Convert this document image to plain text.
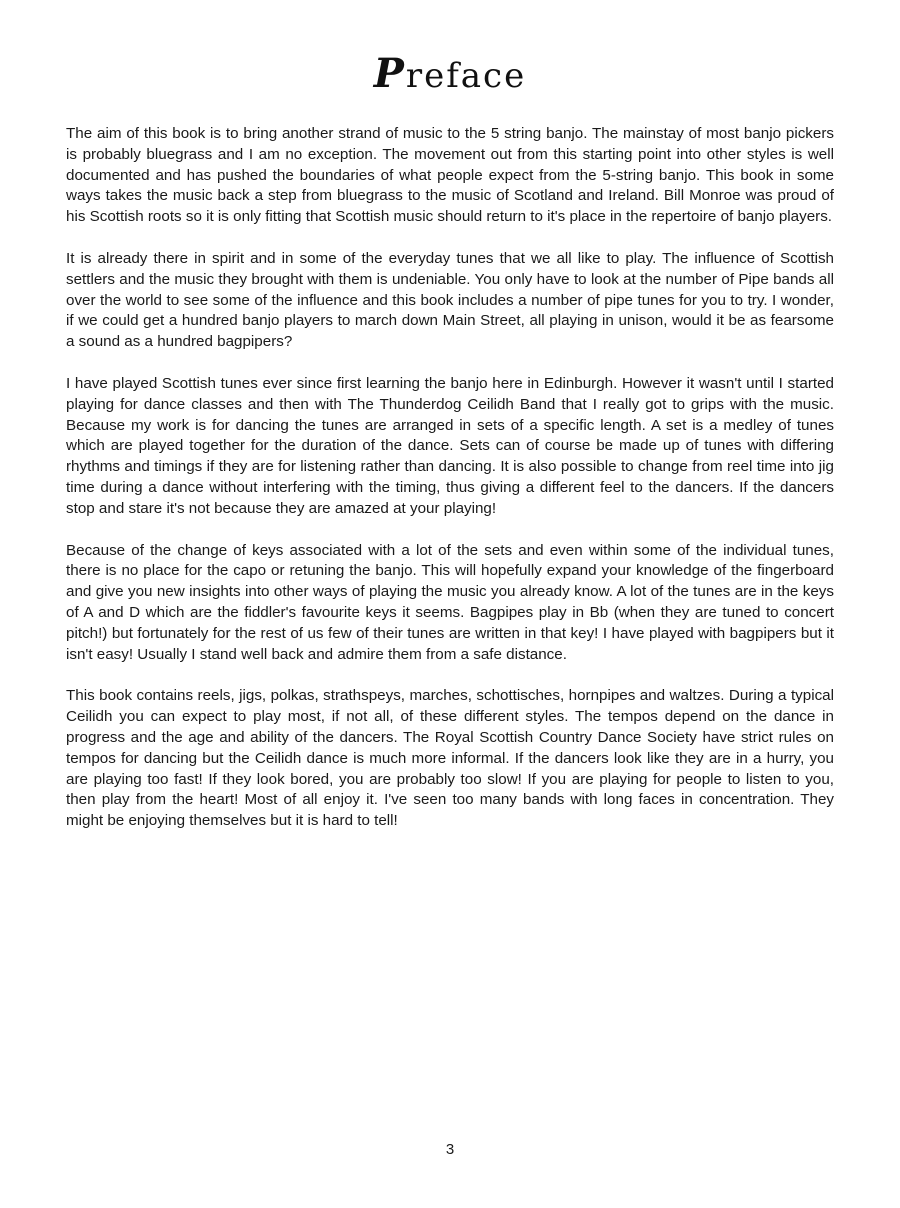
Preface

The aim of this book is to bring another strand of music to the 5 string banjo. The mainstay of most banjo pickers is probably bluegrass and I am no exception. The movement out from this starting point into other styles is well documented and has pushed the boundaries of what people expect from the 5-string banjo. This book in some ways takes the music back a step from bluegrass to the music of Scotland and Ireland. Bill Monroe was proud of his Scottish roots so it is only fitting that Scottish music should return to it's place in the repertoire of banjo players.

It is already there in spirit and in some of the everyday tunes that we all like to play. The influence of Scottish settlers and the music they brought with them is undeniable. You only have to look at the number of Pipe bands all over the world to see some of the influence and this book includes a number of pipe tunes for you to try. I wonder, if we could get a hundred banjo players to march down Main Street, all playing in unison, would it be as fearsome a sound as a hundred bagpipers?

I have played Scottish tunes ever since first learning the banjo here in Edinburgh. However it wasn't until I started playing for dance classes and then with The Thunderdog Ceilidh Band that I really got to grips with the music. Because my work is for dancing the tunes are arranged in sets of a specific length. A set is a medley of tunes which are played together for the duration of the dance. Sets can of course be made up of tunes with differing rhythms and timings if they are for listening rather than dancing. It is also possible to change from reel time into jig time during a dance without interfering with the timing, thus giving a different feel to the dancers. If the dancers stop and stare it's not because they are amazed at your playing!

Because of the change of keys associated with a lot of the sets and even within some of the individual tunes, there is no place for the capo or retuning the banjo. This will hopefully expand your knowledge of the fingerboard and give you new insights into other ways of playing the music you already know. A lot of the tunes are in the keys of A and D which are the fiddler's favourite keys it seems. Bagpipes play in Bb (when they are tuned to concert pitch!) but fortunately for the rest of us few of their tunes are written in that key! I have played with bagpipers but it isn't easy! Usually I stand well back and admire them from a safe distance.

This book contains reels, jigs, polkas, strathspeys, marches, schottisches, hornpipes and waltzes. During a typical Ceilidh you can expect to play most, if not all, of these different styles. The tempos depend on the dance in progress and the age and ability of the dancers. The Royal Scottish Country Dance Society have strict rules on tempos for dancing but the Ceilidh dance is much more informal. If the dancers look like they are in a hurry, you are playing too fast! If they look bored, you are probably too slow! If you are playing for people to listen to you, then play from the heart! Most of all enjoy it. I've seen too many bands with long faces in concentration. They might be enjoying themselves but it is hard to tell!

3
